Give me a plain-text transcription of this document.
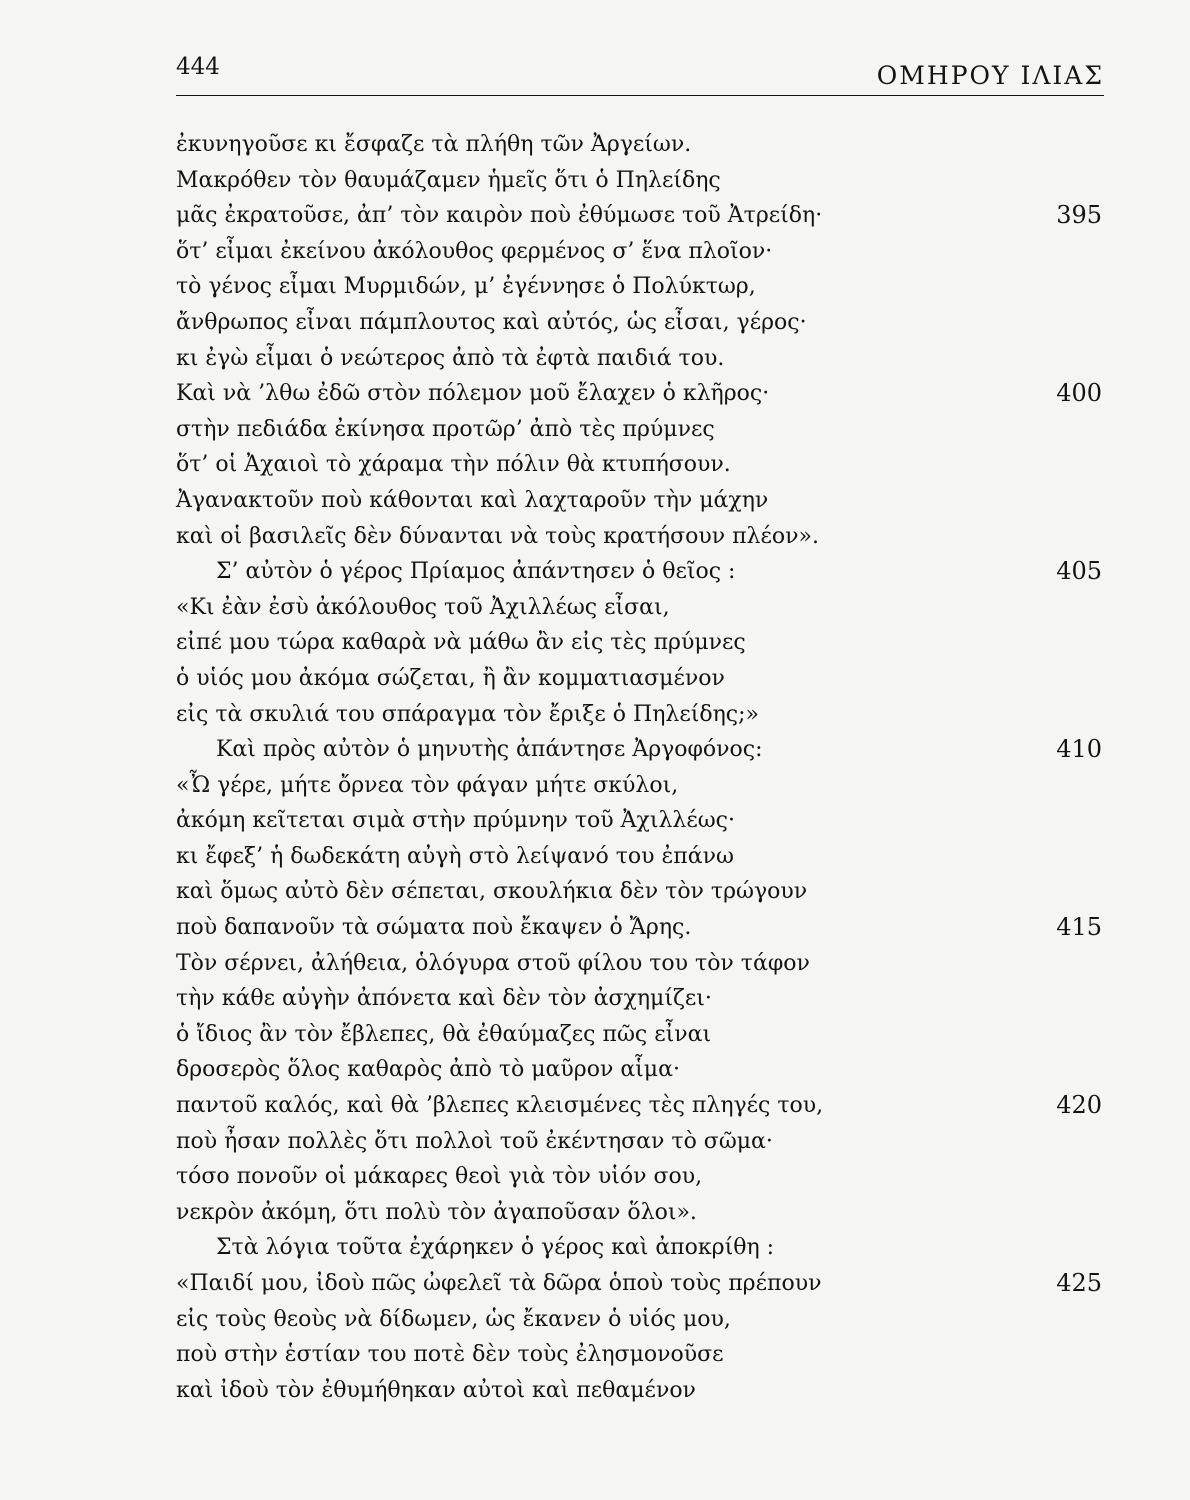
444	ΟΜΗΡΟΥ ΙΛΙΑΣ
ἐκυνηγοῦσε κι ἔσφαζε τὰ πλήθη τῶν Ἀργείων.
Μακρόθεν τὸν θαυμάζαμεν ἡμεῖς ὅτι ὁ Πηλείδης
μᾶς ἐκρατοῦσε, ἀπ’ τὸν καιρὸν ποὺ ἐθύμωσε τοῦ Ἀτρείδη·	395
ὅτ’ εἶμαι ἐκείνου ἀκόλουθος φερμένος σ’ ἕνα πλοῖον·
τὸ γένος εἶμαι Μυρμιδών, μ’ ἐγέννησε ὁ Πολύκτωρ,
ἄνθρωπος εἶναι πάμπλουτος καὶ αὐτός, ὡς εἶσαι, γέρος·
κι ἐγὼ εἶμαι ὁ νεώτερος ἀπὸ τὰ ἐφτὰ παιδιά του.
Καὶ νὰ ’λθω ἐδῶ στὸν πόλεμον μοῦ ἔλαχεν ὁ κλῆρος·	400
στὴν πεδιάδα ἐκίνησα προτῶρ’ ἀπὸ τὲς πρύμνες
ὅτ’ οἱ Ἀχαιοὶ τὸ χάραμα τὴν πόλιν θὰ κτυπήσουν.
Ἀγανακτοῦν ποὺ κάθονται καὶ λαχταροῦν τὴν μάχην
καὶ οἱ βασιλεῖς δὲν δύνανται νὰ τοὺς κρατήσουν πλέον».
Σ’ αὐτὸν ὁ γέρος Πρίαμος ἀπάντησεν ὁ θεῖος :	405
«Κι ἐὰν ἐσὺ ἀκόλουθος τοῦ Ἀχιλλέως εἶσαι,
εἰπέ μου τώρα καθαρὰ νὰ μάθω ἂν εἰς τὲς πρύμνες
ὁ υἱός μου ἀκόμα σώζεται, ἢ ἂν κομματιασμένον
εἰς τὰ σκυλιά του σπάραγμα τὸν ἔριξε ὁ Πηλείδης;»
Καὶ πρὸς αὐτὸν ὁ μηνυτὴς ἀπάντησε Ἀργοφόνος:	410
«Ὦ γέρε, μήτε ὄρνεα τὸν φάγαν μήτε σκύλοι,
ἀκόμη κεῖτεται σιμὰ στὴν πρύμνην τοῦ Ἀχιλλέως·
κι ἔφεξ’ ἡ δωδεκάτη αὐγὴ στὸ λείψανό του ἐπάνω
καὶ ὅμως αὐτὸ δὲν σέπεται, σκουλήκια δὲν τὸν τρώγουν
ποὺ δαπανοῦν τὰ σώματα ποὺ ἔκαψεν ὁ Ἄρης.	415
Τὸν σέρνει, ἀλήθεια, ὁλόγυρα στοῦ φίλου του τὸν τάφον
τὴν κάθε αὐγὴν ἀπόνετα καὶ δὲν τὸν ἀσχημίζει·
ὁ ἴδιος ἂν τὸν ἔβλεπες, θὰ ἐθαύμαζες πῶς εἶναι
δροσερὸς ὅλος καθαρὸς ἀπὸ τὸ μαῦρον αἷμα·
παντοῦ καλός, καὶ θὰ ’βλεπες κλεισμένες τὲς πληγές του,	420
ποὺ ἦσαν πολλὲς ὅτι πολλοὶ τοῦ ἐκέντησαν τὸ σῶμα·
τόσο πονοῦν οἱ μάκαρες θεοὶ γιὰ τὸν υἱόν σου,
νεκρὸν ἀκόμη, ὅτι πολὺ τὸν ἀγαποῦσαν ὅλοι».
Στὰ λόγια τοῦτα ἐχάρηκεν ὁ γέρος καὶ ἀποκρίθη :
«Παιδί μου, ἰδοὺ πῶς ὠφελεῖ τὰ δῶρα ὁποὺ τοὺς πρέπουν	425
εἰς τοὺς θεοὺς νὰ δίδωμεν, ὡς ἔκανεν ὁ υἱός μου,
ποὺ στὴν ἑστίαν του ποτὲ δὲν τοὺς ἐλησμονοῦσε
καὶ ἰδοὺ τὸν ἐθυμήθηκαν αὐτοὶ καὶ πεθαμένον
